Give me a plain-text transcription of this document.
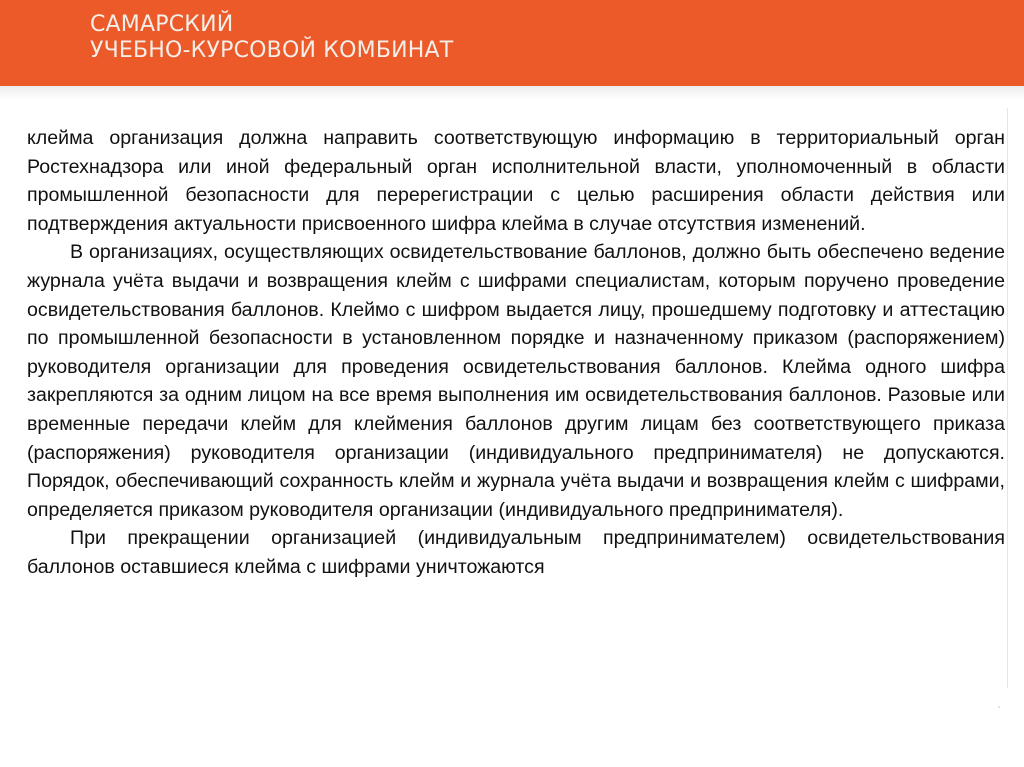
САМАРСКИЙ
УЧЕБНО-КУРСОВОЙ КОМБИНАТ

клейма организация должна направить соответствующую информацию в территориальный орган Ростехнадзора или иной федеральный орган исполнительной власти, уполномоченный в области промышленной безопасности для перерегистрации с целью расширения области действия или подтверждения актуальности присвоенного шифра клейма в случае отсутствия изменений.

В организациях, осуществляющих освидетельствование баллонов, должно быть обеспечено ведение журнала учёта выдачи и возвращения клейм с шифрами специалистам, которым поручено проведение освидетельствования баллонов. Клеймо с шифром выдается лицу, прошедшему подготовку и аттестацию по промышленной безопасности в установленном порядке и назначенному приказом (распоряжением) руководителя организации для проведения освидетельствования баллонов. Клейма одного шифра закрепляются за одним лицом на все время выполнения им освидетельствования баллонов. Разовые или временные передачи клейм для клеймения баллонов другим лицам без соответствующего приказа (распоряжения) руководителя организации (индивидуального предпринимателя) не допускаются. Порядок, обеспечивающий сохранность клейм и журнала учёта выдачи и возвращения клейм с шифрами, определяется приказом руководителя организации (индивидуального предпринимателя).

При прекращении организацией (индивидуальным предпринимателем) освидетельствования баллонов оставшиеся клейма с шифрами уничтожаются
